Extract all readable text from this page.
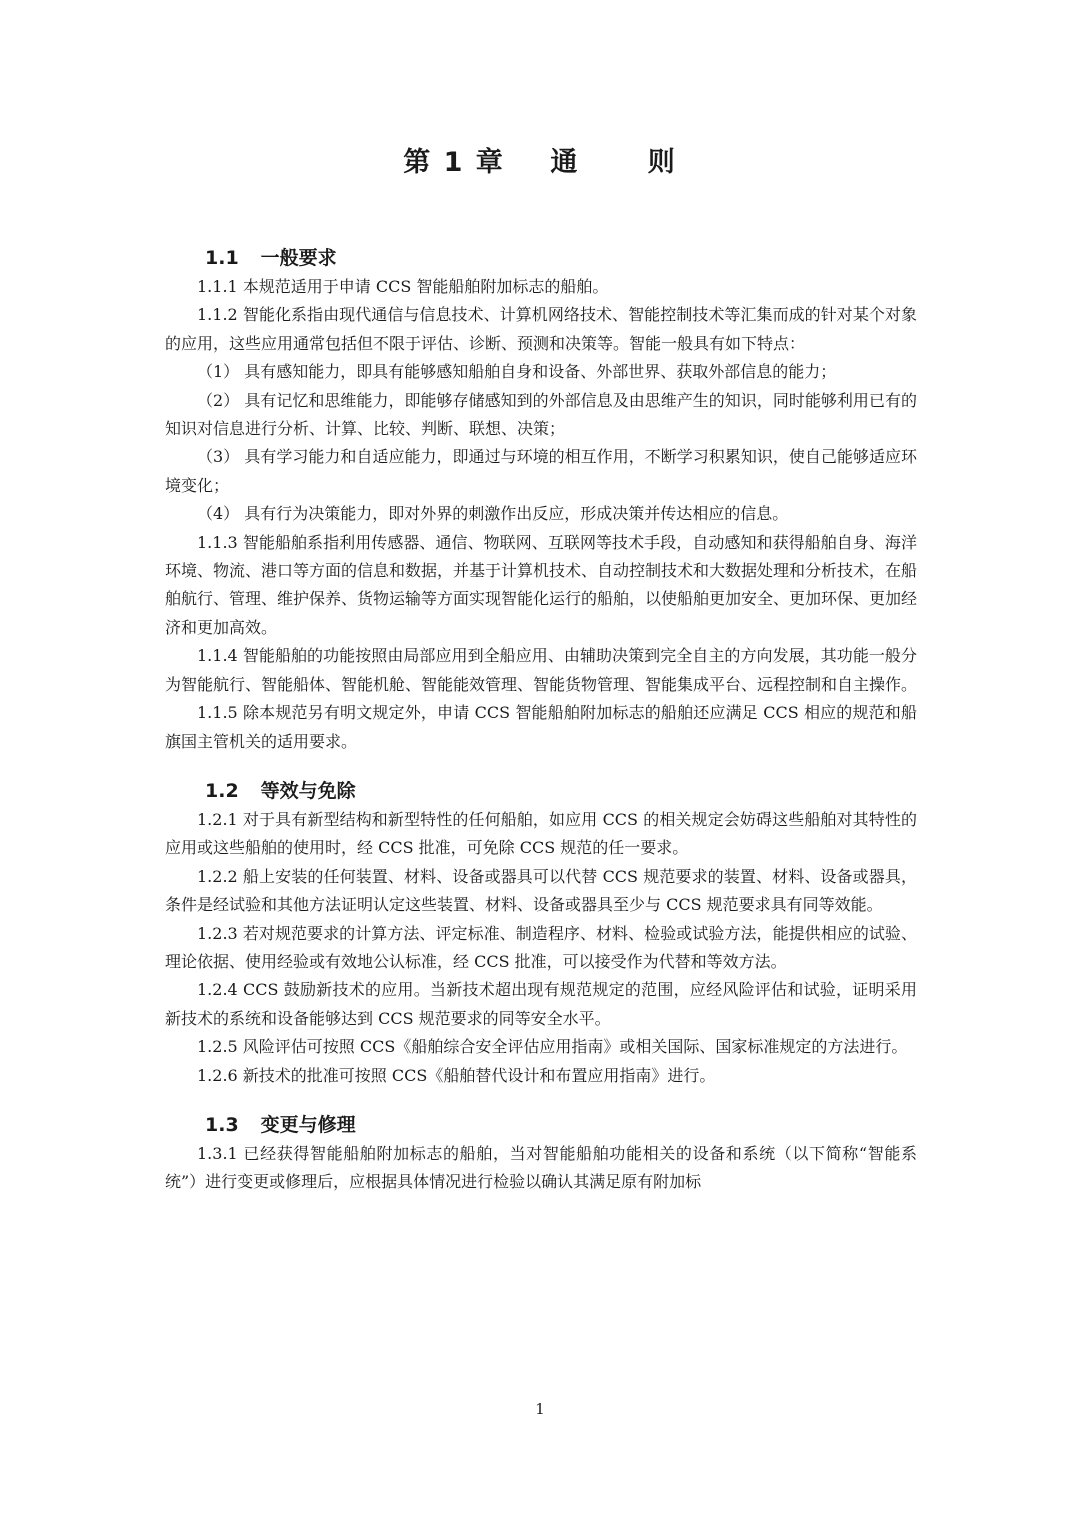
第 1 章    通      则
1.1 一般要求

1.1.1 本规范适用于申请 CCS 智能船舶附加标志的船舶。

1.1.2 智能化系指由现代通信与信息技术、计算机网络技术、智能控制技术等汇集而成的针对某个对象的应用，这些应用通常包括但不限于评估、诊断、预测和决策等。智能一般具有如下特点：

（1） 具有感知能力，即具有能够感知船舶自身和设备、外部世界、获取外部信息的能力；

（2） 具有记忆和思维能力，即能够存储感知到的外部信息及由思维产生的知识，同时能够利用已有的知识对信息进行分析、计算、比较、判断、联想、决策；

（3） 具有学习能力和自适应能力，即通过与环境的相互作用，不断学习积累知识，使自己能够适应环境变化；

（4） 具有行为决策能力，即对外界的刺激作出反应，形成决策并传达相应的信息。

1.1.3 智能船舶系指利用传感器、通信、物联网、互联网等技术手段，自动感知和获得船舶自身、海洋环境、物流、港口等方面的信息和数据，并基于计算机技术、自动控制技术和大数据处理和分析技术，在船舶航行、管理、维护保养、货物运输等方面实现智能化运行的船舶，以使船舶更加安全、更加环保、更加经济和更加高效。

1.1.4 智能船舶的功能按照由局部应用到全船应用、由辅助决策到完全自主的方向发展，其功能一般分为智能航行、智能船体、智能机舱、智能能效管理、智能货物管理、智能集成平台、远程控制和自主操作。

1.1.5 除本规范另有明文规定外，申请 CCS 智能船舶附加标志的船舶还应满足 CCS 相应的规范和船旗国主管机关的适用要求。

1.2 等效与免除

1.2.1 对于具有新型结构和新型特性的任何船舶，如应用 CCS 的相关规定会妨碍这些船舶对其特性的应用或这些船舶的使用时，经 CCS 批准，可免除 CCS 规范的任一要求。

1.2.2 船上安装的任何装置、材料、设备或器具可以代替 CCS 规范要求的装置、材料、设备或器具，条件是经试验和其他方法证明认定这些装置、材料、设备或器具至少与 CCS 规范要求具有同等效能。

1.2.3 若对规范要求的计算方法、评定标准、制造程序、材料、检验或试验方法，能提供相应的试验、理论依据、使用经验或有效地公认标准，经 CCS 批准，可以接受作为代替和等效方法。

1.2.4 CCS 鼓励新技术的应用。当新技术超出现有规范规定的范围，应经风险评估和试验，证明采用新技术的系统和设备能够达到 CCS 规范要求的同等安全水平。

1.2.5 风险评估可按照 CCS《船舶综合安全评估应用指南》或相关国际、国家标准规定的方法进行。

1.2.6 新技术的批准可按照 CCS《船舶替代设计和布置应用指南》进行。

1.3 变更与修理

1.3.1 已经获得智能船舶附加标志的船舶，当对智能船舶功能相关的设备和系统（以下简称“智能系统”）进行变更或修理后，应根据具体情况进行检验以确认其满足原有附加标

1
